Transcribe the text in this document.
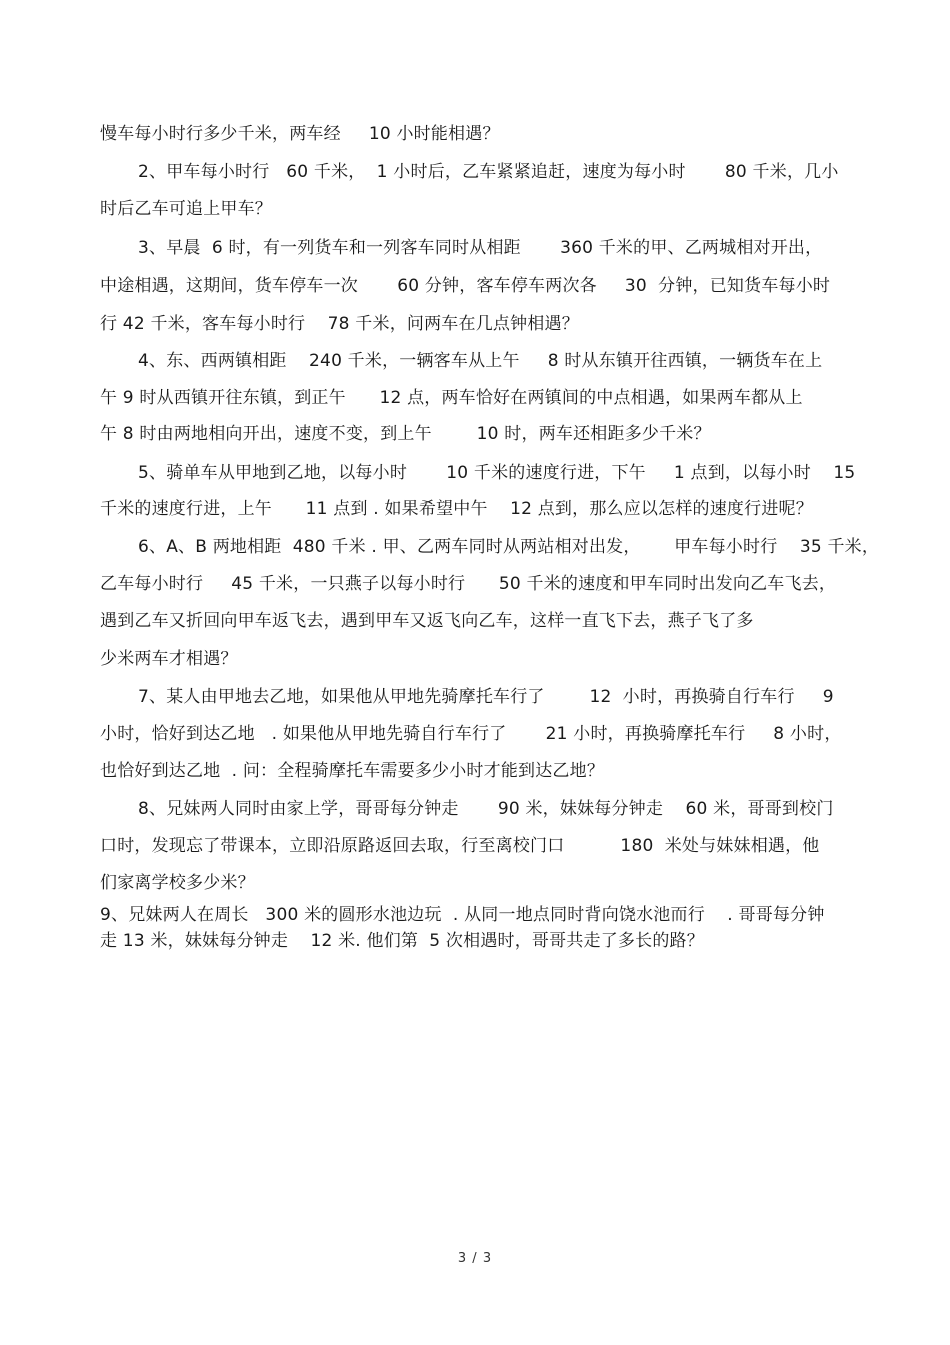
慢车每小时行多少千米，两车经     10 小时能相遇？
2、甲车每小时行   60 千米，  1 小时后，乙车紧紧追赶，速度为每小时       80 千米，几小
时后乙车可追上甲车？
3、早晨  6 时，有一列货车和一列客车同时从相距       360 千米的甲、乙两城相对开出，
中途相遇，这期间，货车停车一次       60 分钟，客车停车两次各     30  分钟，已知货车每小时
行 42 千米，客车每小时行    78 千米，问两车在几点钟相遇？
4、东、西两镇相距    240 千米，一辆客车从上午     8 时从东镇开往西镇，一辆货车在上
午 9 时从西镇开往东镇，到正午      12 点，两车恰好在两镇间的中点相遇，如果两车都从上
午 8 时由两地相向开出，速度不变，到上午        10 时，两车还相距多少千米？
5、骑单车从甲地到乙地，以每小时       10 千米的速度行进，下午     1 点到，以每小时    15
千米的速度行进，上午      11 点到 . 如果希望中午    12 点到，那么应以怎样的速度行进呢？
6、A、B 两地相距  480 千米 . 甲、乙两车同时从两站相对出发，      甲车每小时行    35 千米，
乙车每小时行     45 千米，一只燕子以每小时行      50 千米的速度和甲车同时出发向乙车飞去，
遇到乙车又折回向甲车返飞去，遇到甲车又返飞向乙车，这样一直飞下去，燕子飞了多
少米两车才相遇？
7、某人由甲地去乙地，如果他从甲地先骑摩托车行了        12  小时，再换骑自行车行     9
小时，恰好到达乙地   . 如果他从甲地先骑自行车行了       21 小时，再换骑摩托车行     8 小时，
也恰好到达乙地  . 问：全程骑摩托车需要多少小时才能到达乙地？
8、兄妹两人同时由家上学，哥哥每分钟走       90 米，妹妹每分钟走    60 米，哥哥到校门
口时，发现忘了带课本，立即沿原路返回去取，行至离校门口          180  米处与妹妹相遇，他
们家离学校多少米？
9、兄妹两人在周长   300 米的圆形水池边玩  . 从同一地点同时背向饶水池而行    . 哥哥每分钟
走 13 米，妹妹每分钟走    12 米. 他们第  5 次相遇时，哥哥共走了多长的路？
3 / 3
